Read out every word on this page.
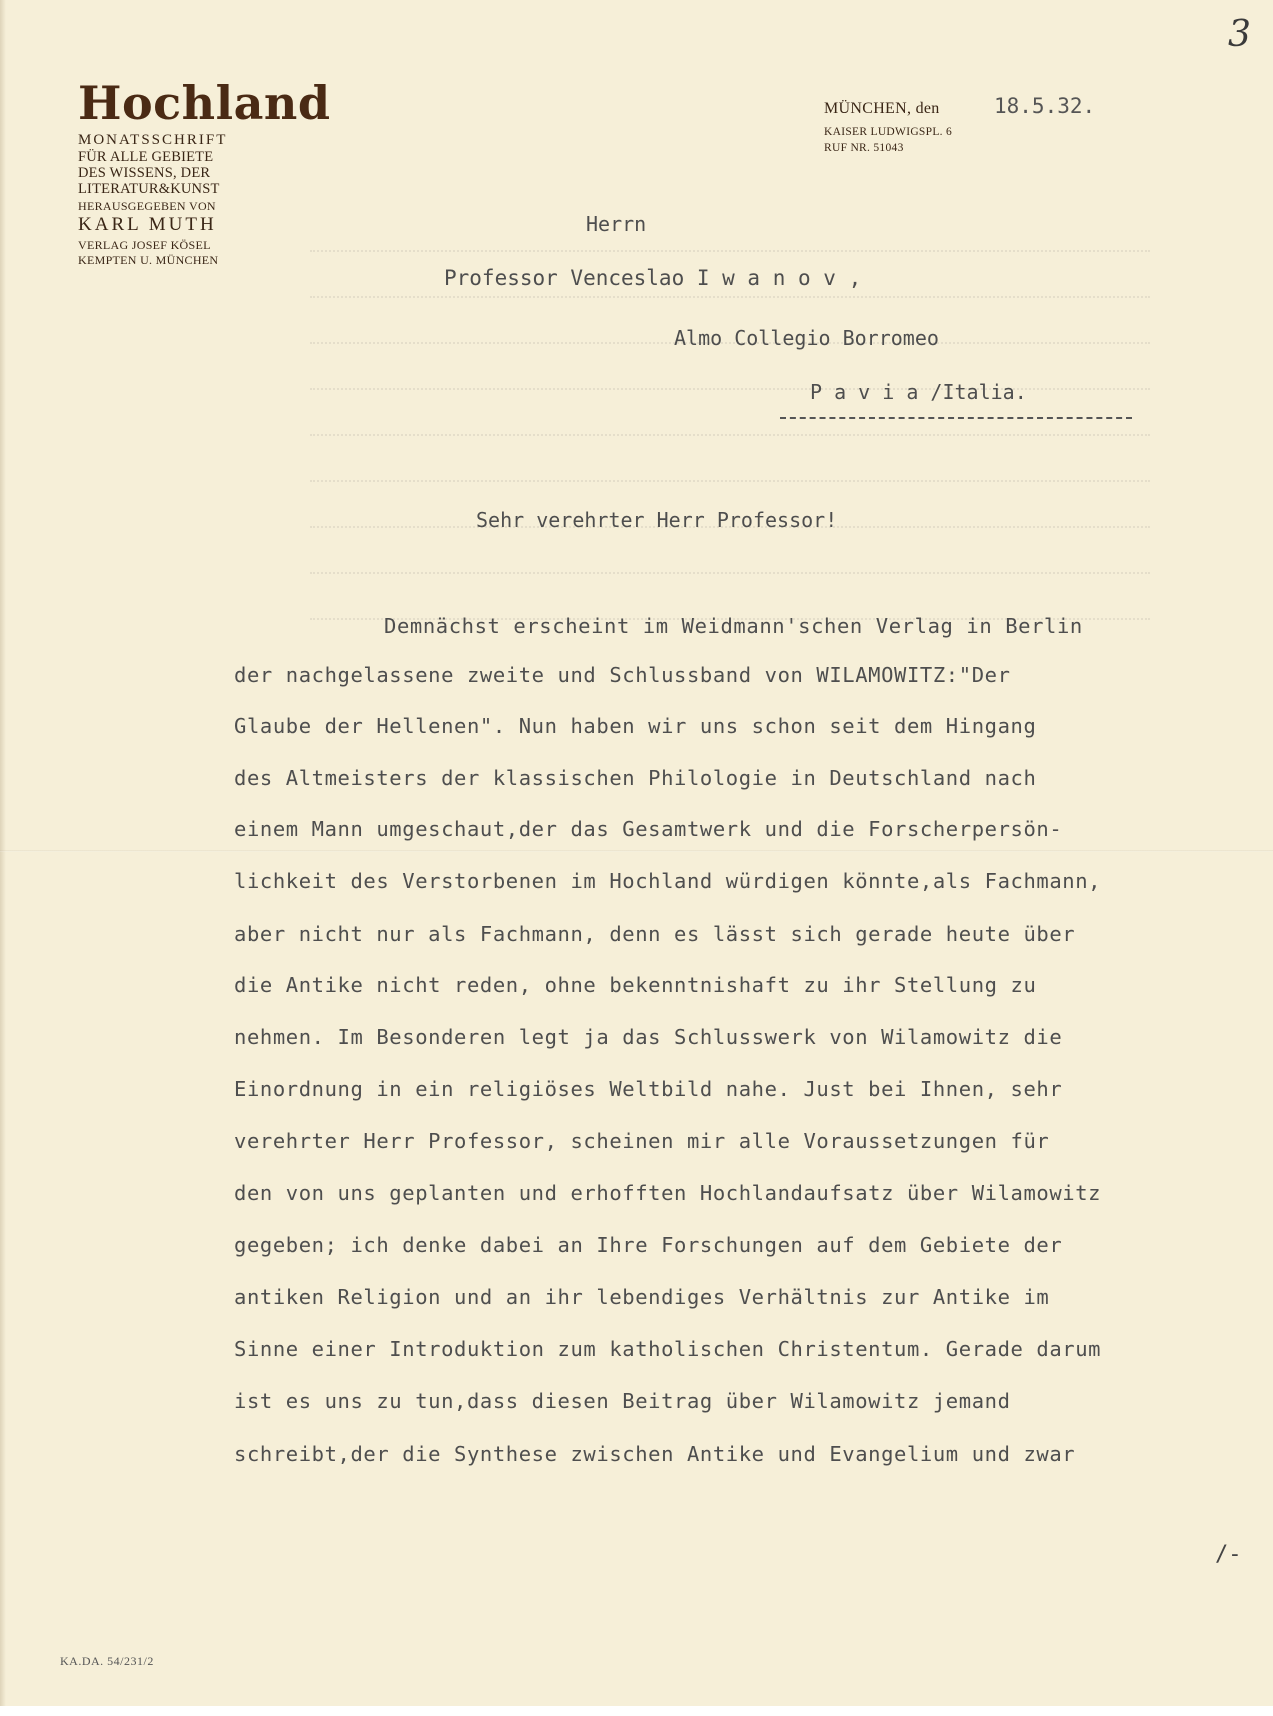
3
Hochland
MONATSSCHRIFT
FÜR ALLE GEBIETE
DES WISSENS, DER
LITERATUR&KUNST
HERAUSGEGEBEN VON
KARL MUTH
VERLAG JOSEF KÖSEL
KEMPTEN U. MÜNCHEN
MÜNCHEN, den	18.5.32.
KAISER LUDWIGSPL. 6
RUF NR. 51043
Herrn
Professor Venceslao I w a n o v ,
Almo Collegio Borromeo
P a v i a /Italia.
Sehr verehrter Herr Professor!
Demnächst erscheint im Weidmann'schen Verlag in Berlin
der nachgelassene zweite und Schlussband von WILAMOWITZ:"Der
Glaube der Hellenen". Nun haben wir uns schon seit dem Hingang
des Altmeisters der klassischen Philologie in Deutschland nach
einem Mann umgeschaut,der das Gesamtwerk und die Forscherpersön-
lichkeit des Verstorbenen im Hochland würdigen könnte,als Fachmann,
aber nicht nur als Fachmann, denn es lässt sich gerade heute über
die Antike nicht reden, ohne bekenntnishaft zu ihr Stellung zu
nehmen. Im Besonderen legt ja das Schlusswerk von Wilamowitz die
Einordnung in ein religiöses Weltbild nahe. Just bei Ihnen, sehr
verehrter Herr Professor, scheinen mir alle Voraussetzungen für
den von uns geplanten und erhofften Hochlandaufsatz über Wilamowitz
gegeben; ich denke dabei an Ihre Forschungen auf dem Gebiete der
antiken Religion und an ihr lebendiges Verhältnis zur Antike im
Sinne einer Introduktion zum katholischen Christentum. Gerade darum
ist es uns zu tun,dass diesen Beitrag über Wilamowitz jemand
schreibt,der die Synthese zwischen Antike und Evangelium und zwar
/-
KA.DA. 54/231/2
